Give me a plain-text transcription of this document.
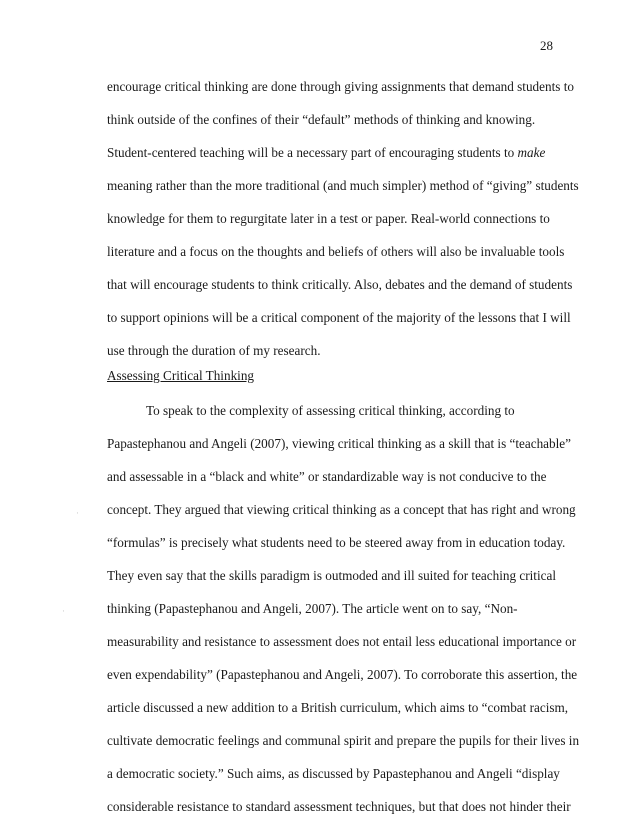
28
encourage critical thinking are done through giving assignments that demand students to
think outside of the confines of their “default” methods of thinking and knowing.
Student-centered teaching will be a necessary part of encouraging students to make
meaning rather than the more traditional (and much simpler) method of “giving” students
knowledge for them to regurgitate later in a test or paper. Real-world connections to
literature and a focus on the thoughts and beliefs of others will also be invaluable tools
that will encourage students to think critically. Also, debates and the demand of students
to support opinions will be a critical component of the majority of the lessons that I will
use through the duration of my research.
Assessing Critical Thinking
To speak to the complexity of assessing critical thinking, according to
Papastephanou and Angeli (2007), viewing critical thinking as a skill that is “teachable”
and assessable in a “black and white” or standardizable way is not conducive to the
concept. They argued that viewing critical thinking as a concept that has right and wrong
“formulas” is precisely what students need to be steered away from in education today.
They even say that the skills paradigm is outmoded and ill suited for teaching critical
thinking (Papastephanou and Angeli, 2007). The article went on to say, “Non-
measurability and resistance to assessment does not entail less educational importance or
even expendability” (Papastephanou and Angeli, 2007). To corroborate this assertion, the
article discussed a new addition to a British curriculum, which aims to “combat racism,
cultivate democratic feelings and communal spirit and prepare the pupils for their lives in
a democratic society.” Such aims, as discussed by Papastephanou and Angeli “display
considerable resistance to standard assessment techniques, but that does not hinder their
·
·
